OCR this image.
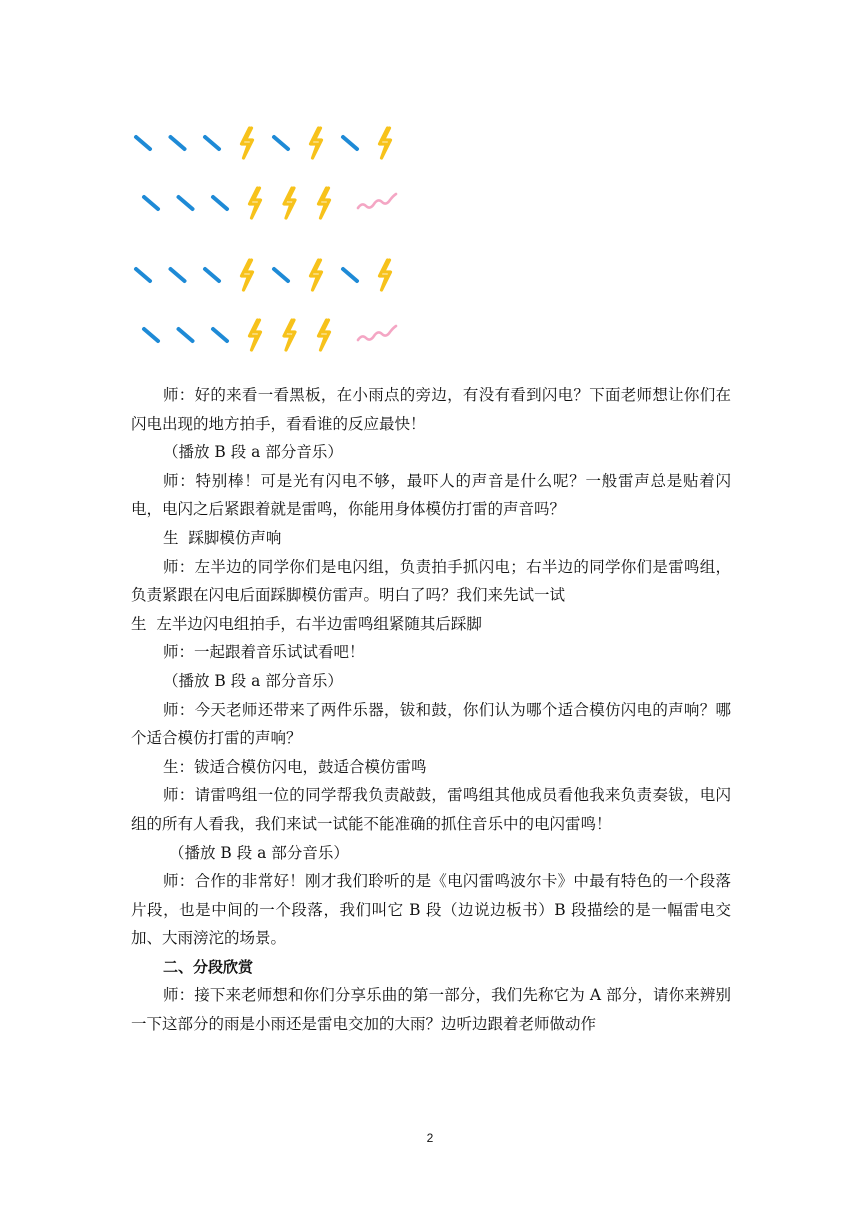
师：好的来看一看黑板，在小雨点的旁边，有没有看到闪电？下面老师想让你们在闪电出现的地方拍手，看看谁的反应最快！

（播放 B 段 a 部分音乐）

师：特别棒！可是光有闪电不够，最吓人的声音是什么呢？一般雷声总是贴着闪电，电闪之后紧跟着就是雷鸣，你能用身体模仿打雷的声音吗？

生  踩脚模仿声响

师：左半边的同学你们是电闪组，负责拍手抓闪电；右半边的同学你们是雷鸣组，负责紧跟在闪电后面踩脚模仿雷声。明白了吗？我们来先试一试

生  左半边闪电组拍手，右半边雷鸣组紧随其后踩脚

师：一起跟着音乐试试看吧！

（播放 B 段 a 部分音乐）

师：今天老师还带来了两件乐器，钹和鼓，你们认为哪个适合模仿闪电的声响？哪个适合模仿打雷的声响？

生：钹适合模仿闪电，鼓适合模仿雷鸣

师：请雷鸣组一位的同学帮我负责敲鼓，雷鸣组其他成员看他我来负责奏钹，电闪组的所有人看我，我们来试一试能不能准确的抓住音乐中的电闪雷鸣！

（播放 B 段 a 部分音乐）

师：合作的非常好！刚才我们聆听的是《电闪雷鸣波尔卡》中最有特色的一个段落片段，也是中间的一个段落，我们叫它 B 段（边说边板书）B 段描绘的是一幅雷电交加、大雨滂沱的场景。

二、分段欣赏

师：接下来老师想和你们分享乐曲的第一部分，我们先称它为 A 部分，请你来辨别一下这部分的雨是小雨还是雷电交加的大雨？边听边跟着老师做动作

2
